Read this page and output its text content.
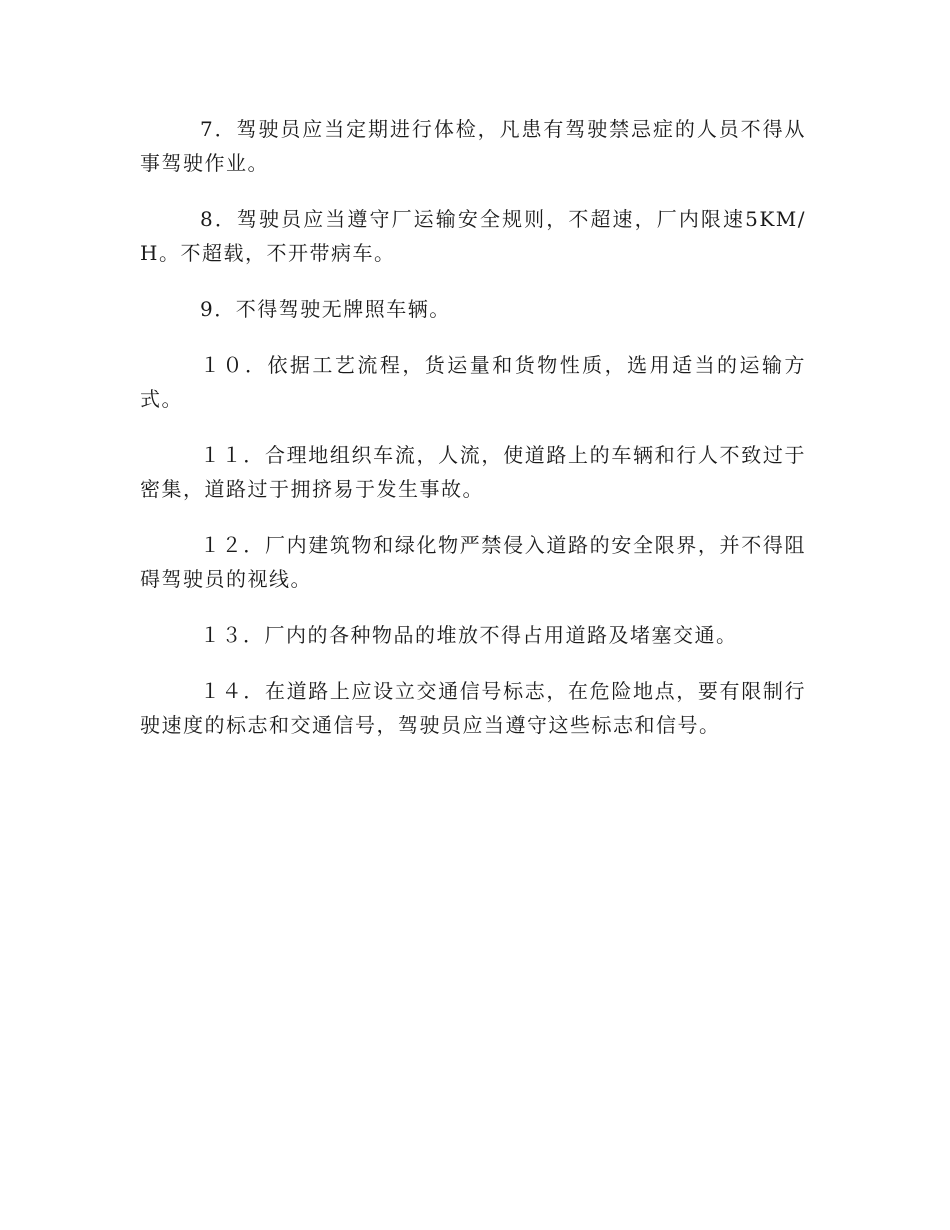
7．驾驶员应当定期进行体检，凡患有驾驶禁忌症的人员不得从事驾驶作业。

8．驾驶员应当遵守厂运输安全规则，不超速，厂内限速5KM/H。不超载，不开带病车。

9．不得驾驶无牌照车辆。

１０．依据工艺流程，货运量和货物性质，选用适当的运输方式。

１１．合理地组织车流，人流，使道路上的车辆和行人不致过于密集，道路过于拥挤易于发生事故。

１２．厂内建筑物和绿化物严禁侵入道路的安全限界，并不得阻碍驾驶员的视线。

１３．厂内的各种物品的堆放不得占用道路及堵塞交通。

１４．在道路上应设立交通信号标志，在危险地点，要有限制行驶速度的标志和交通信号，驾驶员应当遵守这些标志和信号。
